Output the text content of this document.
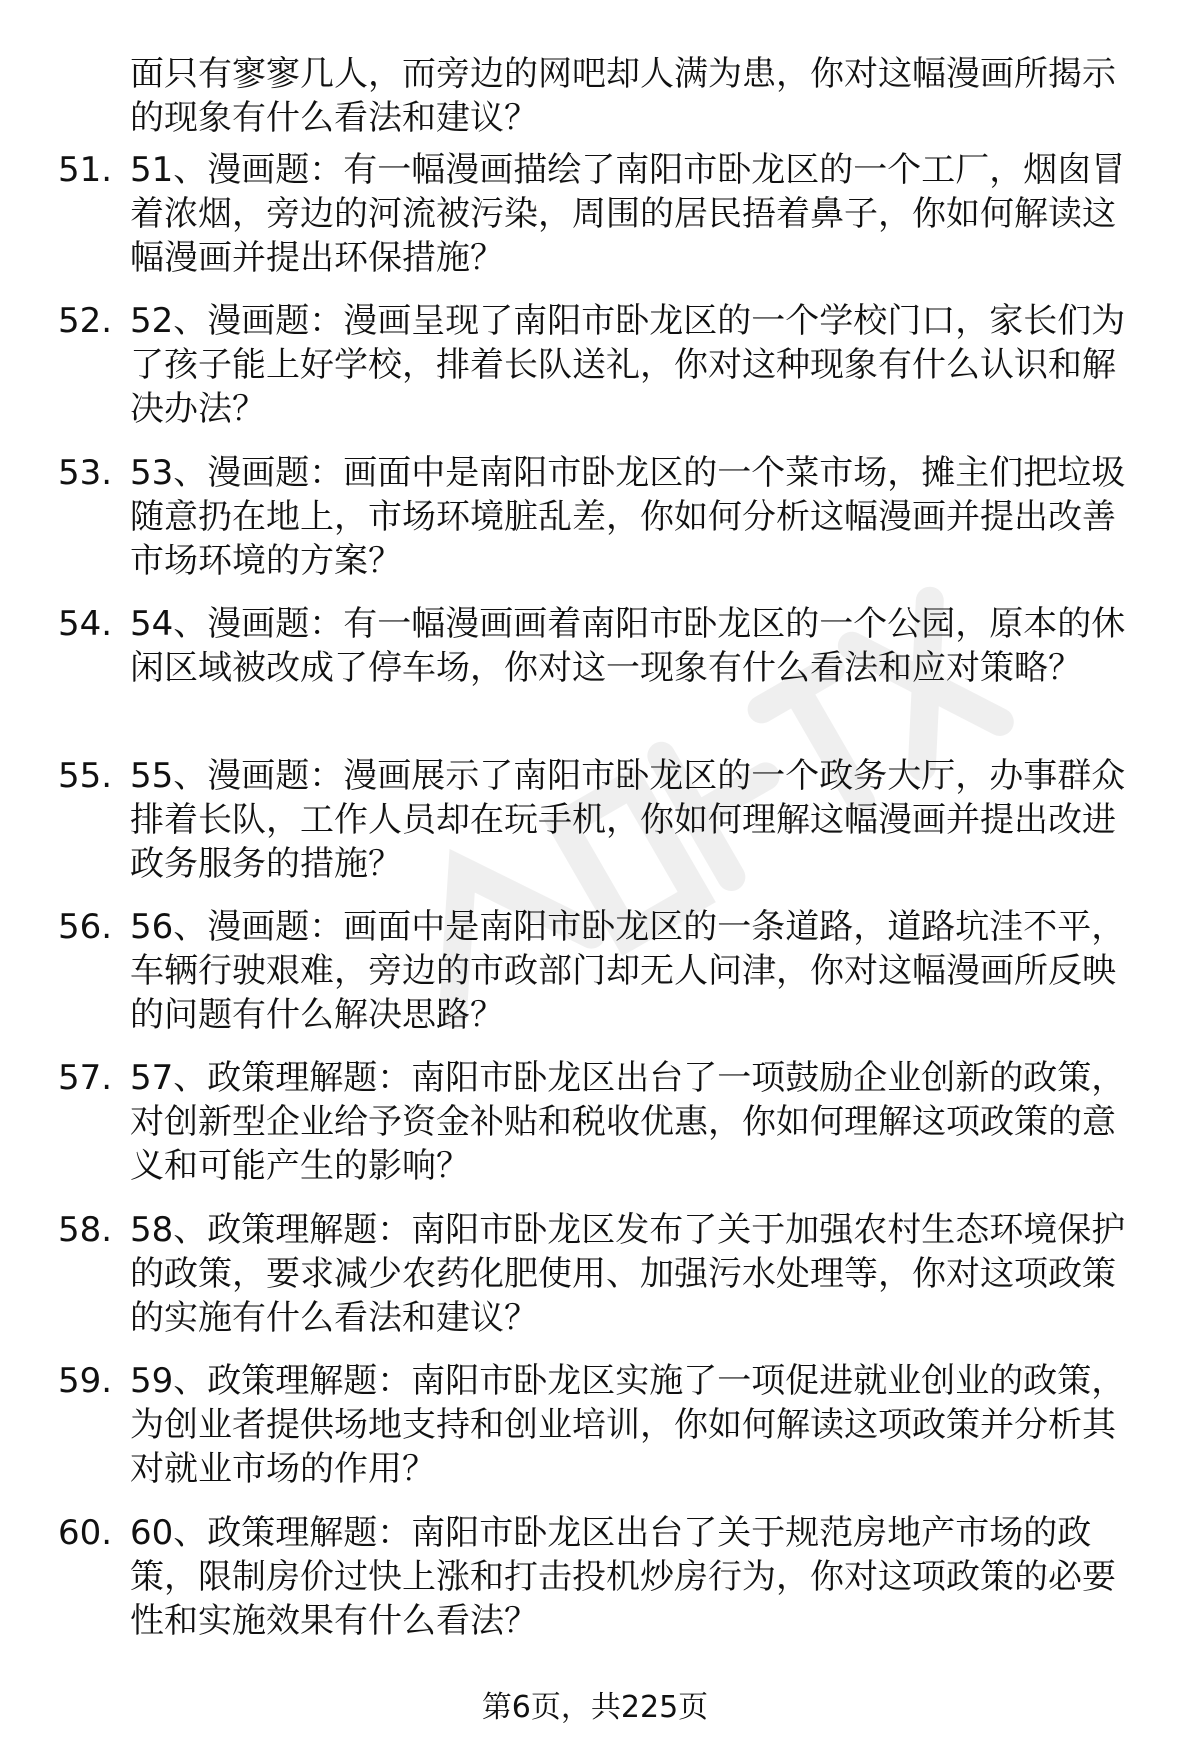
面只有寥寥几人，而旁边的网吧却人满为患，你对这幅漫画所揭示的现象有什么看法和建议？
51. 51、漫画题：有一幅漫画描绘了南阳市卧龙区的一个工厂，烟囱冒着浓烟，旁边的河流被污染，周围的居民捂着鼻子，你如何解读这幅漫画并提出环保措施？
52. 52、漫画题：漫画呈现了南阳市卧龙区的一个学校门口，家长们为了孩子能上好学校，排着长队送礼，你对这种现象有什么认识和解决办法？
53. 53、漫画题：画面中是南阳市卧龙区的一个菜市场，摊主们把垃圾随意扔在地上，市场环境脏乱差，你如何分析这幅漫画并提出改善市场环境的方案？
54. 54、漫画题：有一幅漫画画着南阳市卧龙区的一个公园，原本的休闲区域被改成了停车场，你对这一现象有什么看法和应对策略？
55. 55、漫画题：漫画展示了南阳市卧龙区的一个政务大厅，办事群众排着长队，工作人员却在玩手机，你如何理解这幅漫画并提出改进政务服务的措施？
56. 56、漫画题：画面中是南阳市卧龙区的一条道路，道路坑洼不平，车辆行驶艰难，旁边的市政部门却无人问津，你对这幅漫画所反映的问题有什么解决思路？
57. 57、政策理解题：南阳市卧龙区出台了一项鼓励企业创新的政策，对创新型企业给予资金补贴和税收优惠，你如何理解这项政策的意义和可能产生的影响？
58. 58、政策理解题：南阳市卧龙区发布了关于加强农村生态环境保护的政策，要求减少农药化肥使用、加强污水处理等，你对这项政策的实施有什么看法和建议？
59. 59、政策理解题：南阳市卧龙区实施了一项促进就业创业的政策，为创业者提供场地支持和创业培训，你如何解读这项政策并分析其对就业市场的作用？
60. 60、政策理解题：南阳市卧龙区出台了关于规范房地产市场的政策，限制房价过快上涨和打击投机炒房行为，你对这项政策的必要性和实施效果有什么看法？
第6页，共225页
